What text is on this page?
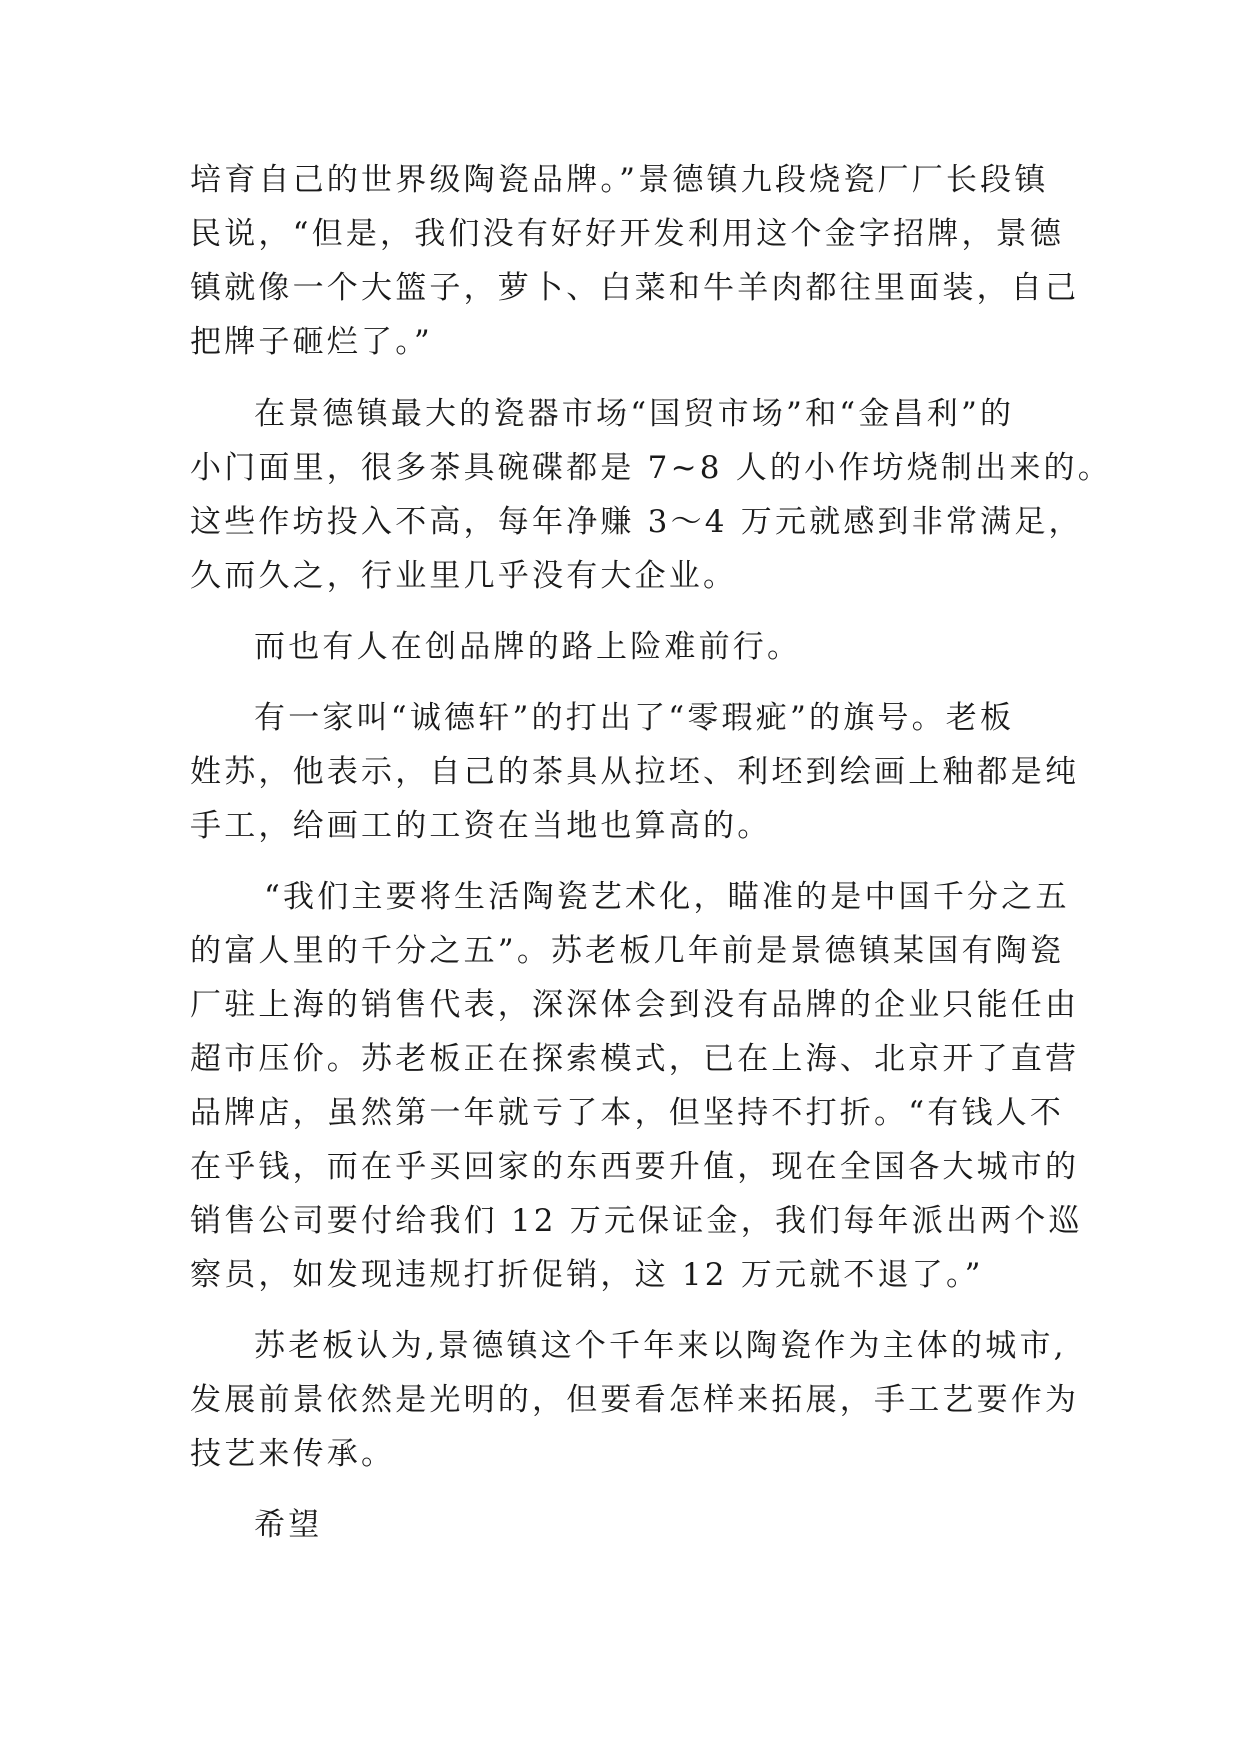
培育自己的世界级陶瓷品牌。”景德镇九段烧瓷厂厂长段镇
民说，“但是，我们没有好好开发利用这个金字招牌，景德
镇就像一个大篮子，萝卜、白菜和牛羊肉都往里面装，自己
把牌子砸烂了。”
在景德镇最大的瓷器市场“国贸市场”和“金昌利”的
小门面里，很多茶具碗碟都是 7~8 人的小作坊烧制出来的。
这些作坊投入不高，每年净赚 3～4 万元就感到非常满足，
久而久之，行业里几乎没有大企业。
而也有人在创品牌的路上险难前行。
有一家叫“诚德轩”的打出了“零瑕疵”的旗号。老板
姓苏，他表示，自己的茶具从拉坯、利坯到绘画上釉都是纯
手工，给画工的工资在当地也算高的。
“我们主要将生活陶瓷艺术化，瞄准的是中国千分之五
的富人里的千分之五”。苏老板几年前是景德镇某国有陶瓷
厂驻上海的销售代表，深深体会到没有品牌的企业只能任由
超市压价。苏老板正在探索模式，已在上海、北京开了直营
品牌店，虽然第一年就亏了本，但坚持不打折。“有钱人不
在乎钱，而在乎买回家的东西要升值，现在全国各大城市的
销售公司要付给我们 12 万元保证金，我们每年派出两个巡
察员，如发现违规打折促销，这 12 万元就不退了。”
苏老板认为,景德镇这个千年来以陶瓷作为主体的城市,
发展前景依然是光明的，但要看怎样来拓展，手工艺要作为
技艺来传承。
希望
